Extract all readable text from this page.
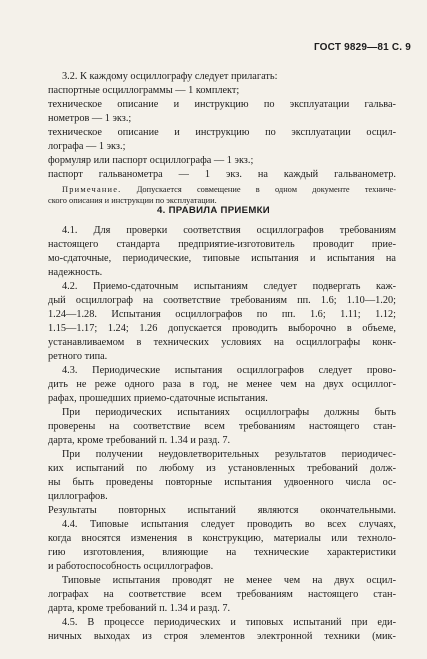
ГОСТ 9829—81 С. 9
3.2. К каждому осциллографу следует прилагать:
паспортные осциллограммы — 1 комплект;
техническое описание и инструкцию по эксплуатации гальва-
нометров — 1 экз.;
техническое описание и инструкцию по эксплуатации осцил-
лографа — 1 экз.;
формуляр или паспорт осциллографа — 1 экз.;
паспорт гальванометра — 1 экз. на каждый гальванометр.
Примечание. Допускается совмещение в одном документе техниче-
ского описания и инструкции по эксплуатации.
4. ПРАВИЛА ПРИЕМКИ
4.1. Для проверки соответствия осциллографов требованиям
настоящего стандарта предприятие-изготовитель проводит прие-
мо-сдаточные, периодические, типовые испытания и испытания на
надежность.
4.2. Приемо-сдаточным испытаниям следует подвергать каж-
дый осциллограф на соответствие требованиям пп. 1.6; 1.10—1.20;
1.24—1.28. Испытания осциллографов по пп. 1.6; 1.11; 1.12;
1.15—1.17; 1.24; 1.26 допускается проводить выборочно в объеме,
устанавливаемом в технических условиях на осциллографы конк-
ретного типа.
4.3. Периодические испытания осциллографов следует прово-
дить не реже одного раза в год, не менее чем на двух осциллог-
рафах, прошедших приемо-сдаточные испытания.
При периодических испытаниях осциллографы должны быть
проверены на соответствие всем требованиям настоящего стан-
дарта, кроме требований п. 1.34 и разд. 7.
При получении неудовлетворительных результатов периодичес-
ких испытаний по любому из установленных требований долж-
ны быть проведены повторные испытания удвоенного числа ос-
циллографов.
Результаты повторных испытаний являются окончательными.
4.4. Типовые испытания следует проводить во всех случаях,
когда вносятся изменения в конструкцию, материалы или техноло-
гию изготовления, влияющие на технические характеристики
и работоспособность осциллографов.
Типовые испытания проводят не менее чем на двух осцил-
лографах на соответствие всем требованиям настоящего стан-
дарта, кроме требований п. 1.34 и разд. 7.
4.5. В процессе периодических и типовых испытаний при еди-
ничных выходах из строя элементов электронной техники (мик-
